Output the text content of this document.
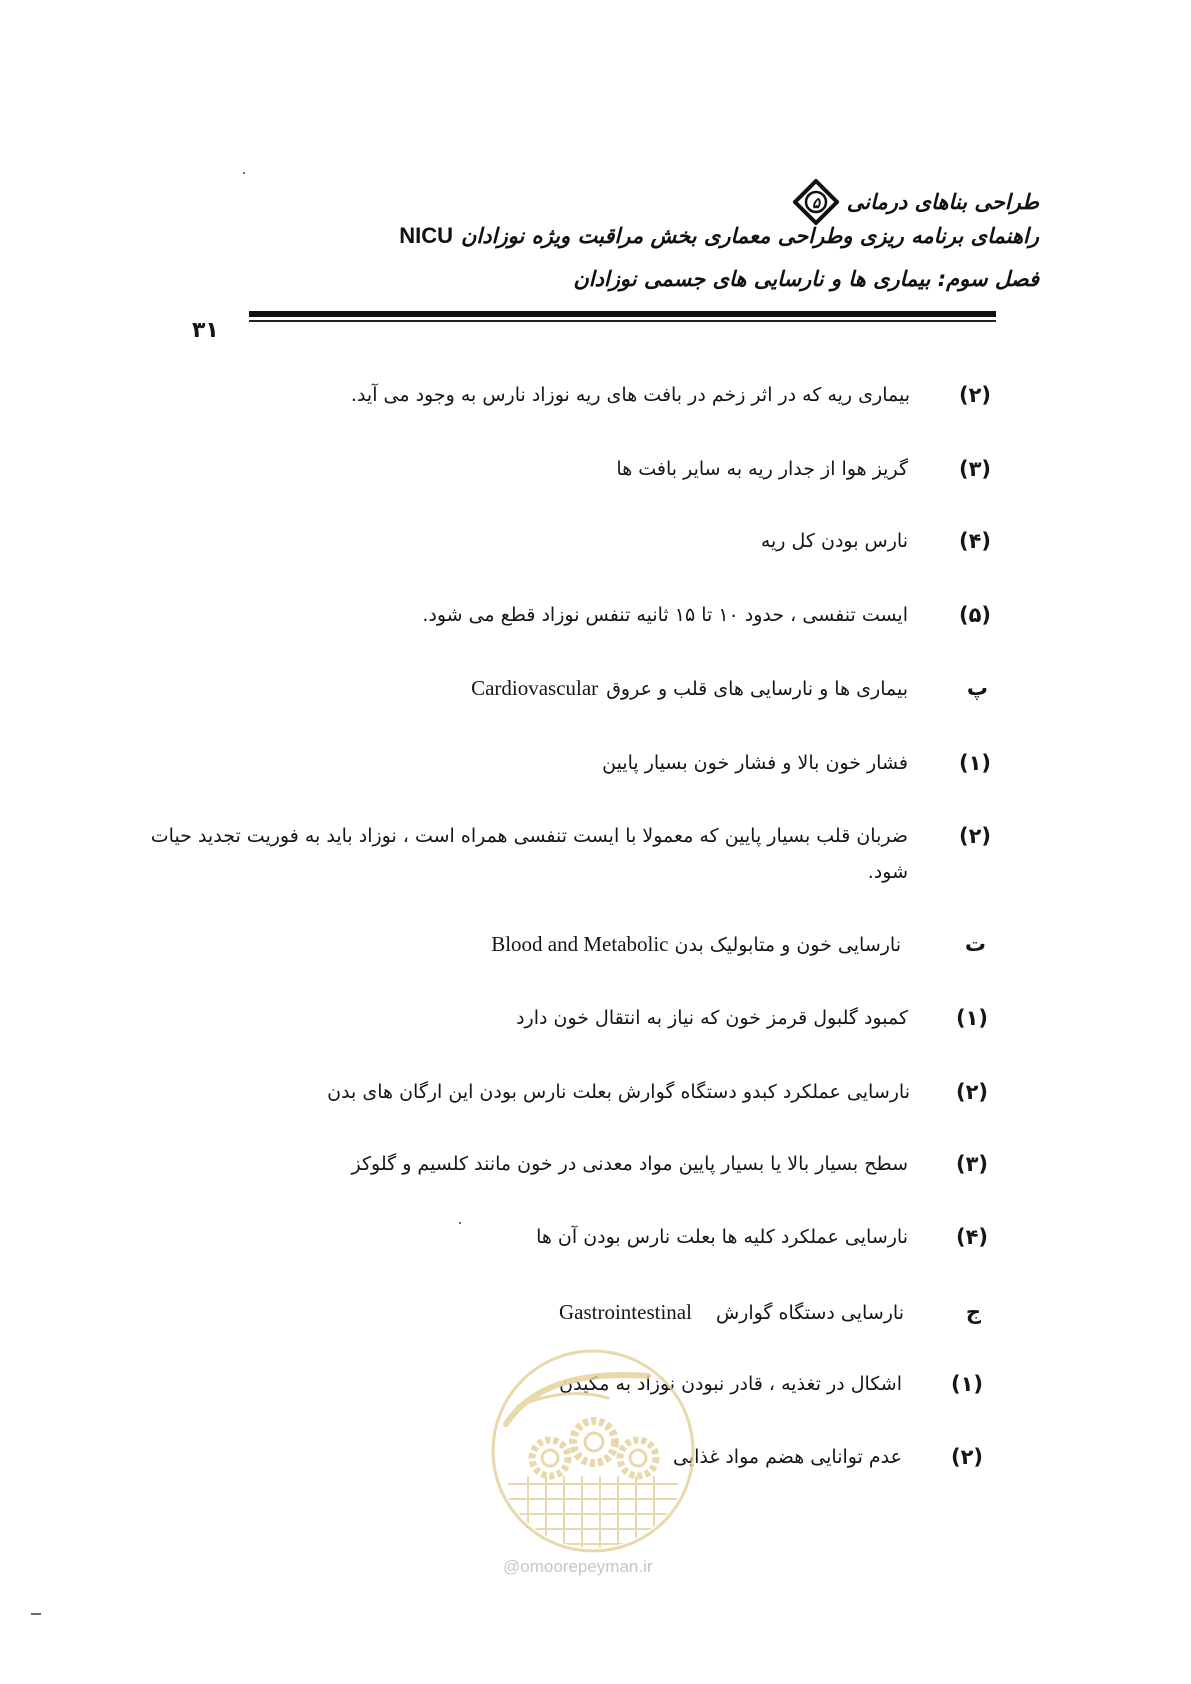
طراحی بناهای درمانی
۵
راهنمای برنامه ریزی وطراحی معماری بخش مراقبت ویژه نوزادانNICU
فصل سوم: بیماری ها و نارسایی های جسمی نوزادان
۳۱
(۲)
بیماری ریه که در اثر زخم در بافت های ریه نوزاد نارس به وجود می آید.
(۳)
گریز هوا از جدار ریه به سایر بافت ها
(۴)
نارس بودن کل ریه
(۵)
ایست تنفسی ، حدود ۱۰ تا ۱۵ ثانیه تنفس نوزاد قطع می شود.
پ
بیماری ها و نارسایی های قلب و عروقCardiovascular
(۱)
فشار خون بالا و فشار خون بسیار پایین
(۲)
ضربان قلب بسیار پایین که معمولا با ایست تنفسی همراه است ، نوزاد باید به فوریت تجدید حیات
شود.
ت
نارسایی خون و متابولیک بدنBlood and Metabolic
(۱)
کمبود گلبول قرمز خون که نیاز به انتقال خون دارد
(۲)
نارسایی عملکرد کبدو دستگاه گوارش بعلت نارس بودن این ارگان های بدن
(۳)
سطح بسیار بالا یا بسیار پایین مواد معدنی در خون مانند کلسیم و گلوکز
(۴)
نارسایی عملکرد کلیه ها بعلت نارس بودن آن ها
ج
نارسایی دستگاه گوارشGastrointestinal
(۱)
اشکال در تغذیه ، قادر نبودن نوزاد به مکیدن
(۲)
عدم توانایی هضم مواد غذایی
@omoorepeyman.ir
